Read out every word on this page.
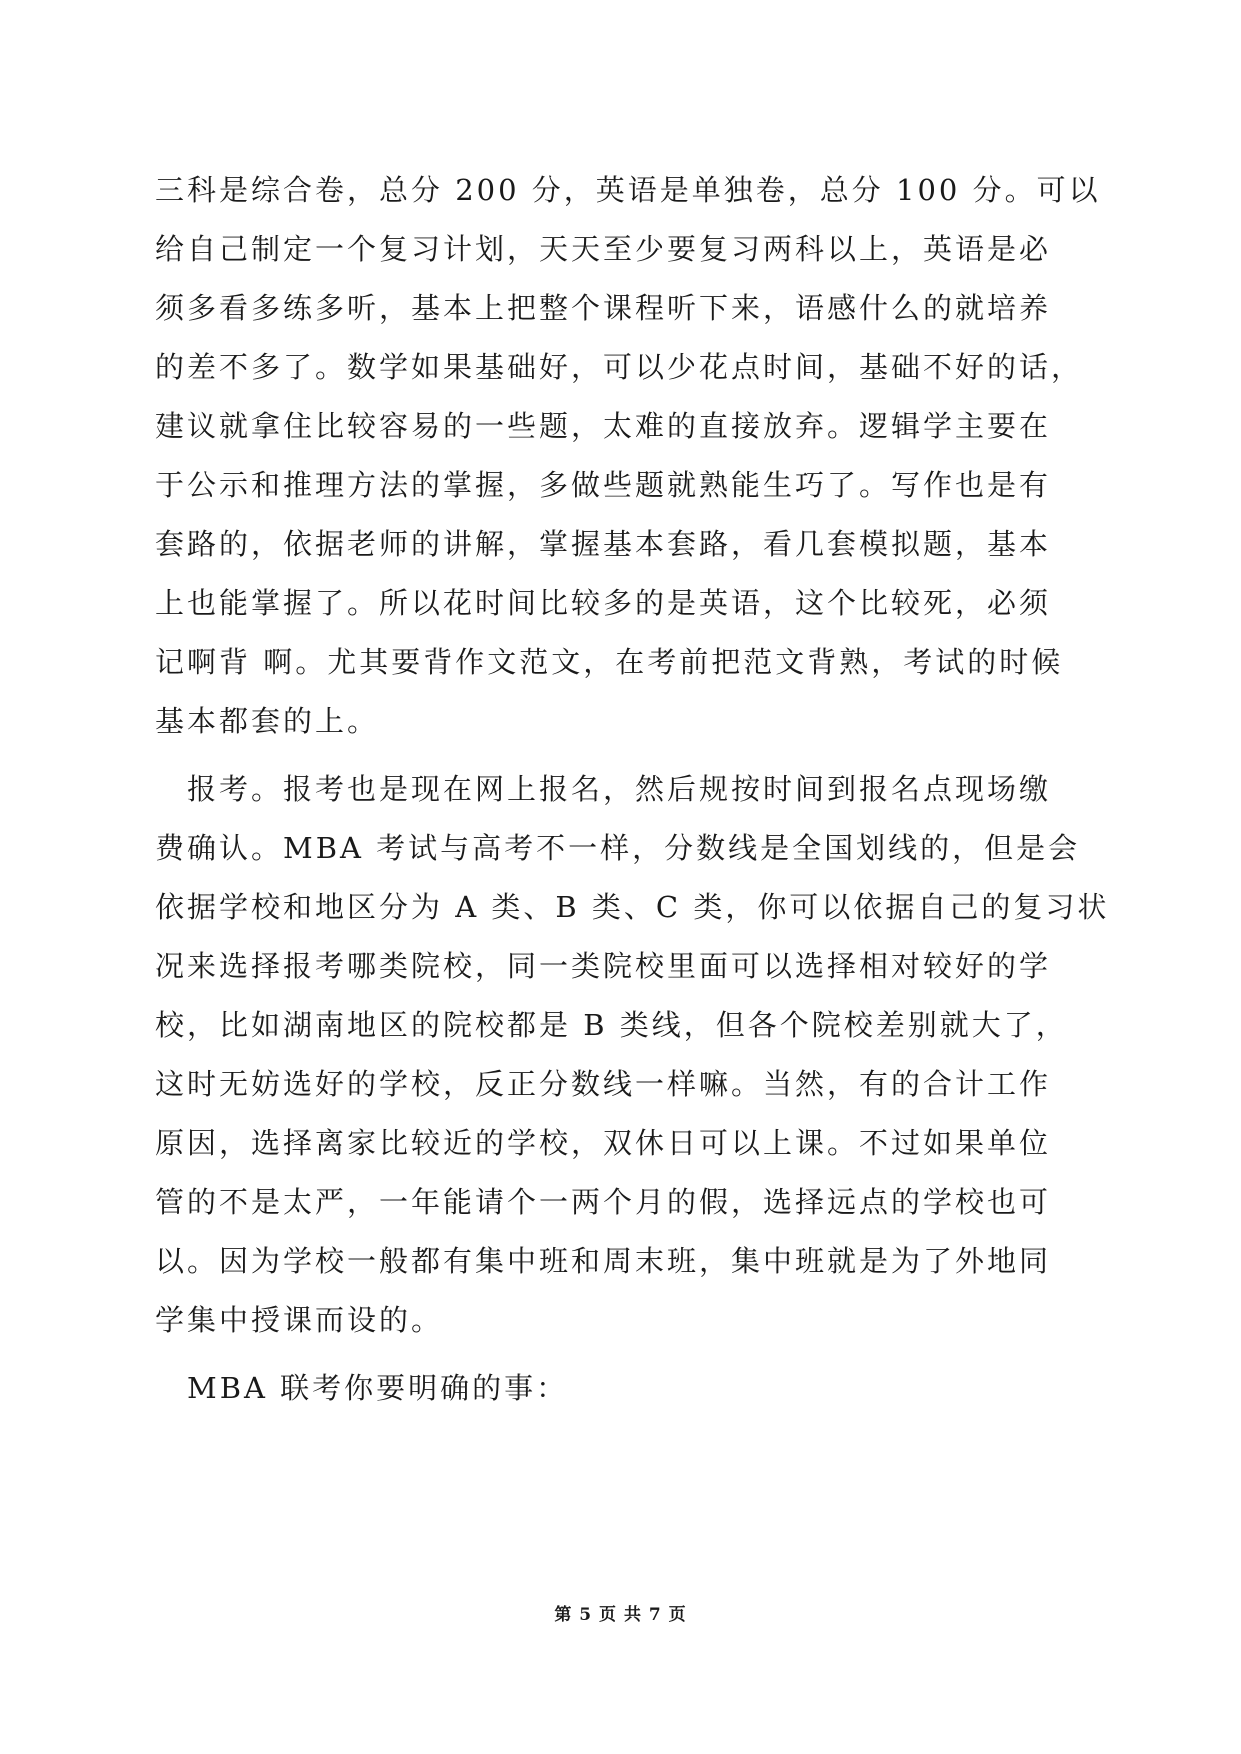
三科是综合卷，总分 200 分，英语是单独卷，总分 100 分。可以
给自己制定一个复习计划，天天至少要复习两科以上，英语是必
须多看多练多听，基本上把整个课程听下来，语感什么的就培养
的差不多了。数学如果基础好，可以少花点时间，基础不好的话，
建议就拿住比较容易的一些题，太难的直接放弃。逻辑学主要在
于公示和推理方法的掌握，多做些题就熟能生巧了。写作也是有
套路的，依据老师的讲解，掌握基本套路，看几套模拟题，基本
上也能掌握了。所以花时间比较多的是英语，这个比较死，必须
记啊背 啊。尤其要背作文范文，在考前把范文背熟，考试的时候
基本都套的上。
报考。报考也是现在网上报名，然后规按时间到报名点现场缴
费确认。MBA 考试与高考不一样，分数线是全国划线的，但是会
依据学校和地区分为 A 类、B 类、C 类，你可以依据自己的复习状
况来选择报考哪类院校，同一类院校里面可以选择相对较好的学
校，比如湖南地区的院校都是 B 类线，但各个院校差别就大了，
这时无妨选好的学校，反正分数线一样嘛。当然，有的合计工作
原因，选择离家比较近的学校，双休日可以上课。不过如果单位
管的不是太严，一年能请个一两个月的假，选择远点的学校也可
以。因为学校一般都有集中班和周末班，集中班就是为了外地同
学集中授课而设的。
MBA 联考你要明确的事：
第 5 页 共 7 页
